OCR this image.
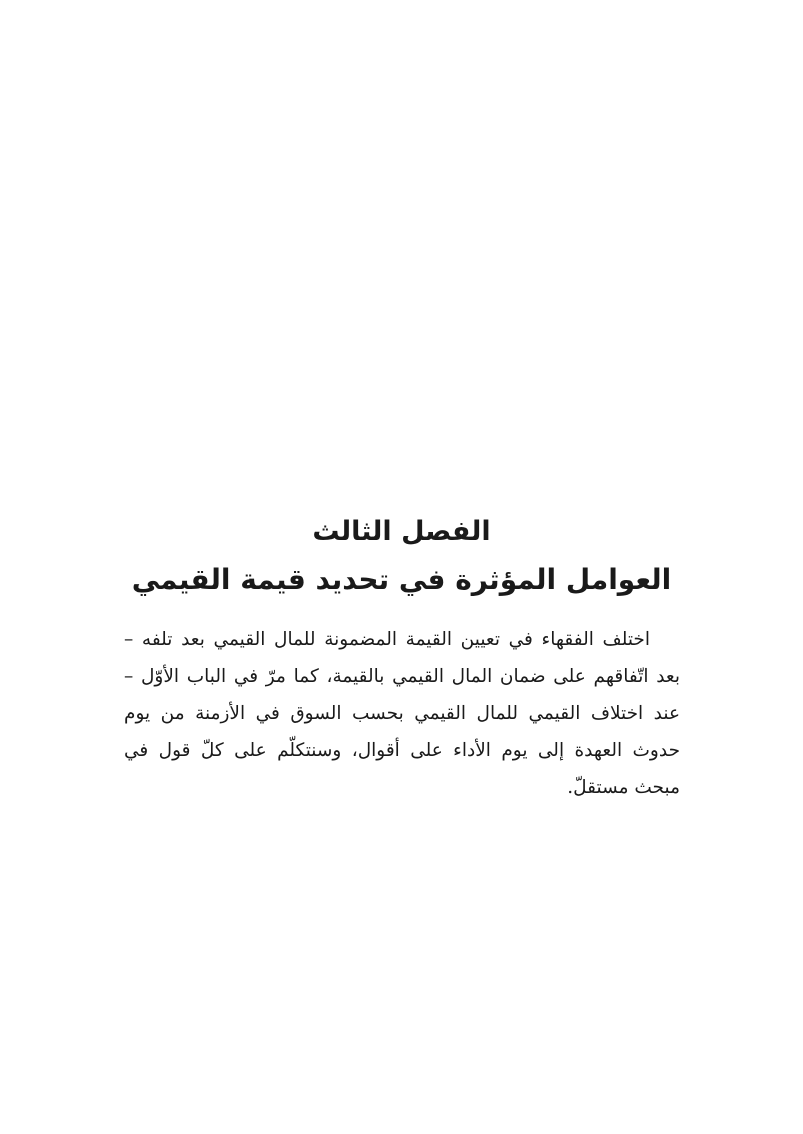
الفصل الثالث
العوامل المؤثرة في تحديد قيمة القيمي

اختلف الفقهاء في تعيين القيمة المضمونة للمال القيمي بعد تلفه – بعد اتّفاقهم على ضمان المال القيمي بالقيمة، كما مرّ في الباب الأوّل – عند اختلاف القيمي للمال القيمي بحسب السوق في الأزمنة من يوم حدوث العهدة إلى يوم الأداء على أقوال، وسنتكلّم على كلّ قول في مبحث مستقلّ.
